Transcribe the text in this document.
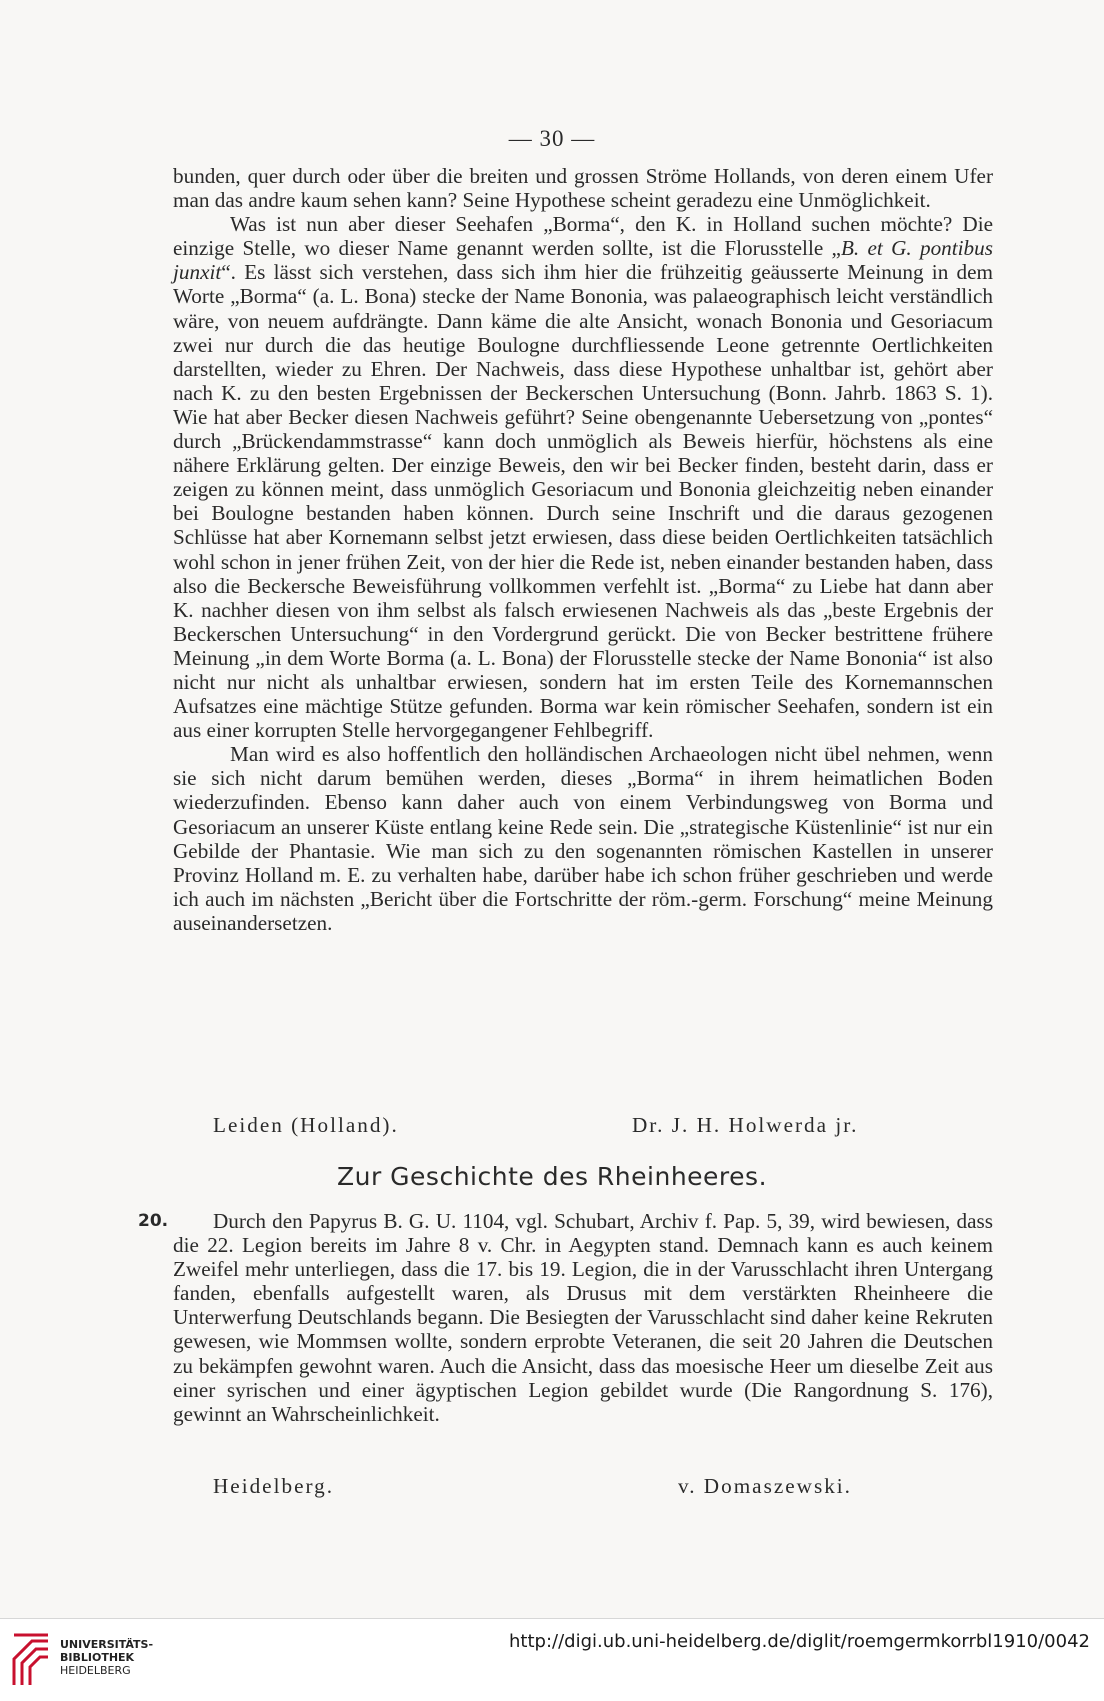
— 30 —

bunden, quer durch oder über die breiten und grossen Ströme Hollands, von deren einem Ufer man das andre kaum sehen kann? Seine Hypothese scheint geradezu eine Unmöglichkeit.

Was ist nun aber dieser Seehafen „Borma“, den K. in Holland suchen möchte? Die einzige Stelle, wo dieser Name genannt werden sollte, ist die Florusstelle „B. et G. pontibus junxit“. Es lässt sich verstehen, dass sich ihm hier die frühzeitig geäusserte Meinung in dem Worte „Borma“ (a. L. Bona) stecke der Name Bononia, was palaeographisch leicht verständlich wäre, von neuem aufdrängte. Dann käme die alte Ansicht, wonach Bononia und Gesoriacum zwei nur durch die das heutige Boulogne durchfliessende Leone getrennte Oertlichkeiten darstellten, wieder zu Ehren. Der Nachweis, dass diese Hypothese unhaltbar ist, gehört aber nach K. zu den besten Ergebnissen der Beckerschen Untersuchung (Bonn. Jahrb. 1863 S. 1). Wie hat aber Becker diesen Nachweis geführt? Seine obengenannte Uebersetzung von „pontes“ durch „Brückendammstrasse“ kann doch unmöglich als Beweis hierfür, höchstens als eine nähere Erklärung gelten. Der einzige Beweis, den wir bei Becker finden, besteht darin, dass er zeigen zu können meint, dass unmöglich Gesoriacum und Bononia gleichzeitig neben einander bei Boulogne bestanden haben können. Durch seine Inschrift und die daraus gezogenen Schlüsse hat aber Kornemann selbst jetzt erwiesen, dass diese beiden Oertlichkeiten tatsächlich wohl schon in jener frühen Zeit, von der hier die Rede ist, neben einander bestanden haben, dass also die Beckersche Beweisführung vollkommen verfehlt ist. „Borma“ zu Liebe hat dann aber K. nachher diesen von ihm selbst als falsch erwiesenen Nachweis als das „beste Ergebnis der Beckerschen Untersuchung“ in den Vordergrund gerückt. Die von Becker bestrittene frühere Meinung „in dem Worte Borma (a. L. Bona) der Florusstelle stecke der Name Bononia“ ist also nicht nur nicht als unhaltbar erwiesen, sondern hat im ersten Teile des Kornemannschen Aufsatzes eine mächtige Stütze gefunden. Borma war kein römischer Seehafen, sondern ist ein aus einer korrupten Stelle hervorgegangener Fehlbegriff.

Man wird es also hoffentlich den holländischen Archaeologen nicht übel nehmen, wenn sie sich nicht darum bemühen werden, dieses „Borma“ in ihrem heimatlichen Boden wiederzufinden. Ebenso kann daher auch von einem Verbindungsweg von Borma und Gesoriacum an unserer Küste entlang keine Rede sein. Die „strategische Küstenlinie“ ist nur ein Gebilde der Phantasie. Wie man sich zu den sogenannten römischen Kastellen in unserer Provinz Holland m. E. zu verhalten habe, darüber habe ich schon früher geschrieben und werde ich auch im nächsten „Bericht über die Fortschritte der röm.-germ. Forschung“ meine Meinung auseinandersetzen.

Leiden (Holland).	Dr. J. H. Holwerda jr.
Zur Geschichte des Rheinheeres.
20.	Durch den Papyrus B. G. U. 1104, vgl. Schubart, Archiv f. Pap. 5, 39, wird bewiesen, dass die 22. Legion bereits im Jahre 8 v. Chr. in Aegypten stand. Demnach kann es auch keinem Zweifel mehr unterliegen, dass die 17. bis 19. Legion, die in der Varusschlacht ihren Untergang fanden, ebenfalls aufgestellt waren, als Drusus mit dem verstärkten Rheinheere die Unterwerfung Deutschlands begann. Die Besiegten der Varusschlacht sind daher keine Rekruten gewesen, wie Mommsen wollte, sondern erprobte Veteranen, die seit 20 Jahren die Deutschen zu bekämpfen gewohnt waren. Auch die Ansicht, dass das moesische Heer um dieselbe Zeit aus einer syrischen und einer ägyptischen Legion gebildet wurde (Die Rangordnung S. 176), gewinnt an Wahrscheinlichkeit.

Heidelberg.	v. Domaszewski.
UNIVERSITÄTS-
BIBLIOTHEK
HEIDELBERG
http://digi.ub.uni-heidelberg.de/diglit/roemgermkorrbl1910/0042
